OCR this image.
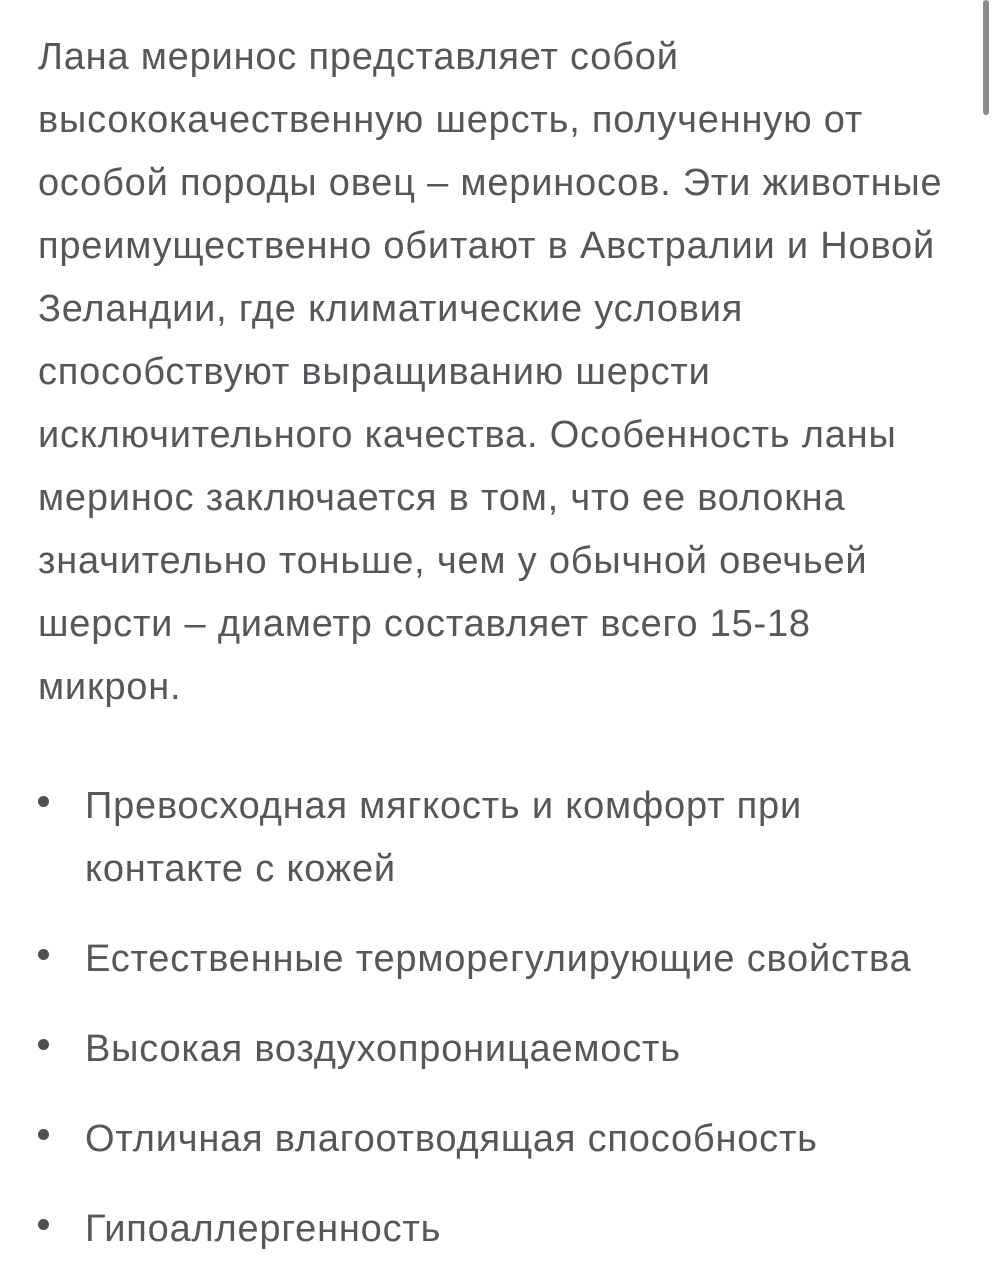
Лана меринос представляет собой высококачественную шерсть, полученную от особой породы овец – мериносов. Эти животные преимущественно обитают в Австралии и Новой Зеландии, где климатические условия способствуют выращиванию шерсти исключительного качества. Особенность ланы меринос заключается в том, что ее волокна значительно тоньше, чем у обычной овечьей шерсти – диаметр составляет всего 15-18 микрон.

Превосходная мягкость и комфорт при контакте с кожей
Естественные терморегулирующие свойства
Высокая воздухопроницаемость
Отличная влагоотводящая способность
Гипоаллергенность
